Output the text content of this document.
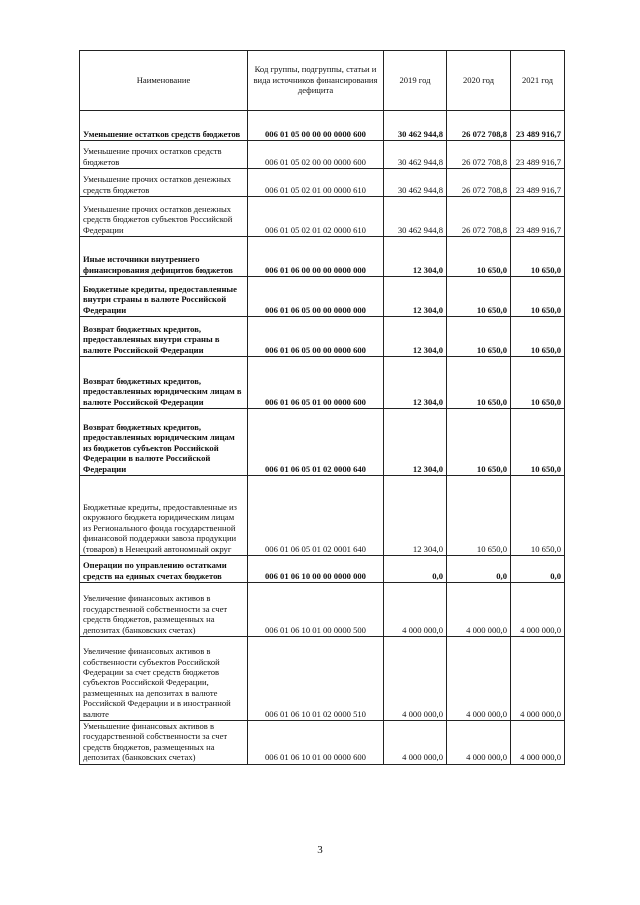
Наименование	Код группы, подгруппы, статьи и вида источников финансирования дефицита	2019 год	2020 год	2021 год
Уменьшение остатков средств бюджетов	006 01 05 00 00 00 0000 600	30 462 944,8	26 072 708,8	23 489 916,7
Уменьшение прочих остатков средств бюджетов	006 01 05 02 00 00 0000 600	30 462 944,8	26 072 708,8	23 489 916,7
Уменьшение прочих остатков денежных средств бюджетов	006 01 05 02 01 00 0000 610	30 462 944,8	26 072 708,8	23 489 916,7
Уменьшение прочих остатков денежных средств бюджетов субъектов Российской Федерации	006 01 05 02 01 02 0000 610	30 462 944,8	26 072 708,8	23 489 916,7
Иные источники внутреннего финансирования дефицитов бюджетов	006 01 06 00 00 00 0000 000	12 304,0	10 650,0	10 650,0
Бюджетные кредиты, предоставленные внутри страны в валюте Российской Федерации	006 01 06 05 00 00 0000 000	12 304,0	10 650,0	10 650,0
Возврат бюджетных кредитов, предоставленных внутри страны в валюте Российской Федерации	006 01 06 05 00 00 0000 600	12 304,0	10 650,0	10 650,0
Возврат бюджетных кредитов, предоставленных юридическим лицам в валюте Российской Федерации	006 01 06 05 01 00 0000 600	12 304,0	10 650,0	10 650,0
Возврат бюджетных кредитов, предоставленных юридическим лицам из бюджетов субъектов Российской Федерации в валюте Российской Федерации	006 01 06 05 01 02 0000 640	12 304,0	10 650,0	10 650,0
Бюджетные кредиты, предоставленные из окружного бюджета юридическим лицам из Регионального фонда государственной финансовой поддержки завоза продукции (товаров) в Ненецкий автономный округ	006 01 06 05 01 02 0001 640	12 304,0	10 650,0	10 650,0
Операции по управлению остатками средств на единых счетах бюджетов	006 01 06 10 00 00 0000 000	0,0	0,0	0,0
Увеличение финансовых активов в государственной собственности за счет средств бюджетов, размещенных на депозитах (банковских счетах)	006 01 06 10 01 00 0000 500	4 000 000,0	4 000 000,0	4 000 000,0
Увеличение финансовых активов в собственности субъектов Российской Федерации за счет средств бюджетов субъектов Российской Федерации, размещенных на депозитах в валюте Российской Федерации и в иностранной валюте	006 01 06 10 01 02 0000 510	4 000 000,0	4 000 000,0	4 000 000,0
Уменьшение финансовых активов в государственной собственности за счет средств бюджетов, размещенных на депозитах (банковских счетах)	006 01 06 10 01 00 0000 600	4 000 000,0	4 000 000,0	4 000 000,0
3
